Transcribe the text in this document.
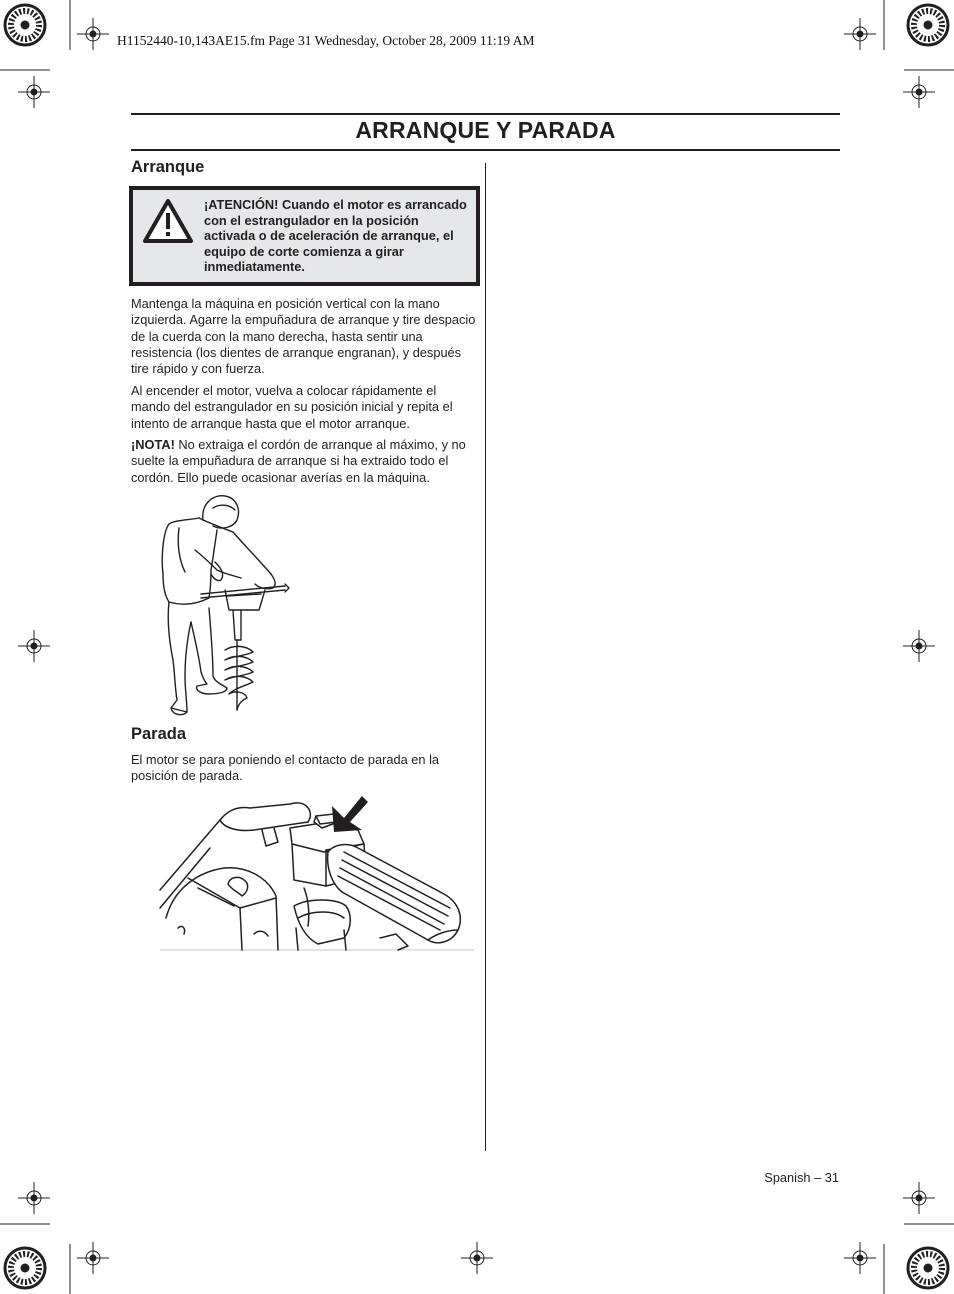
H1152440-10,143AE15.fm Page 31 Wednesday, October 28, 2009 11:19 AM
ARRANQUE Y PARADA
Arranque
¡ATENCIÓN! Cuando el motor es arrancado con el estrangulador en la posición activada o de aceleración de arranque, el equipo de corte comienza a girar inmediatamente.

Mantenga la máquina en posición vertical con la mano izquierda. Agarre la empuñadura de arranque y tire despacio de la cuerda con la mano derecha, hasta sentir una resistencia (los dientes de arranque engranan), y después tire rápido y con fuerza.

Al encender el motor, vuelva a colocar rápidamente el mando del estrangulador en su posición inicial y repita el intento de arranque hasta que el motor arranque.

¡NOTA! No extraiga el cordón de arranque al máximo, y no suelte la empuñadura de arranque si ha extraido todo el cordón. Ello puede ocasionar averías en la máquina.

Parada

El motor se para poniendo el contacto de parada en la posición de parada.

Spanish – 31
